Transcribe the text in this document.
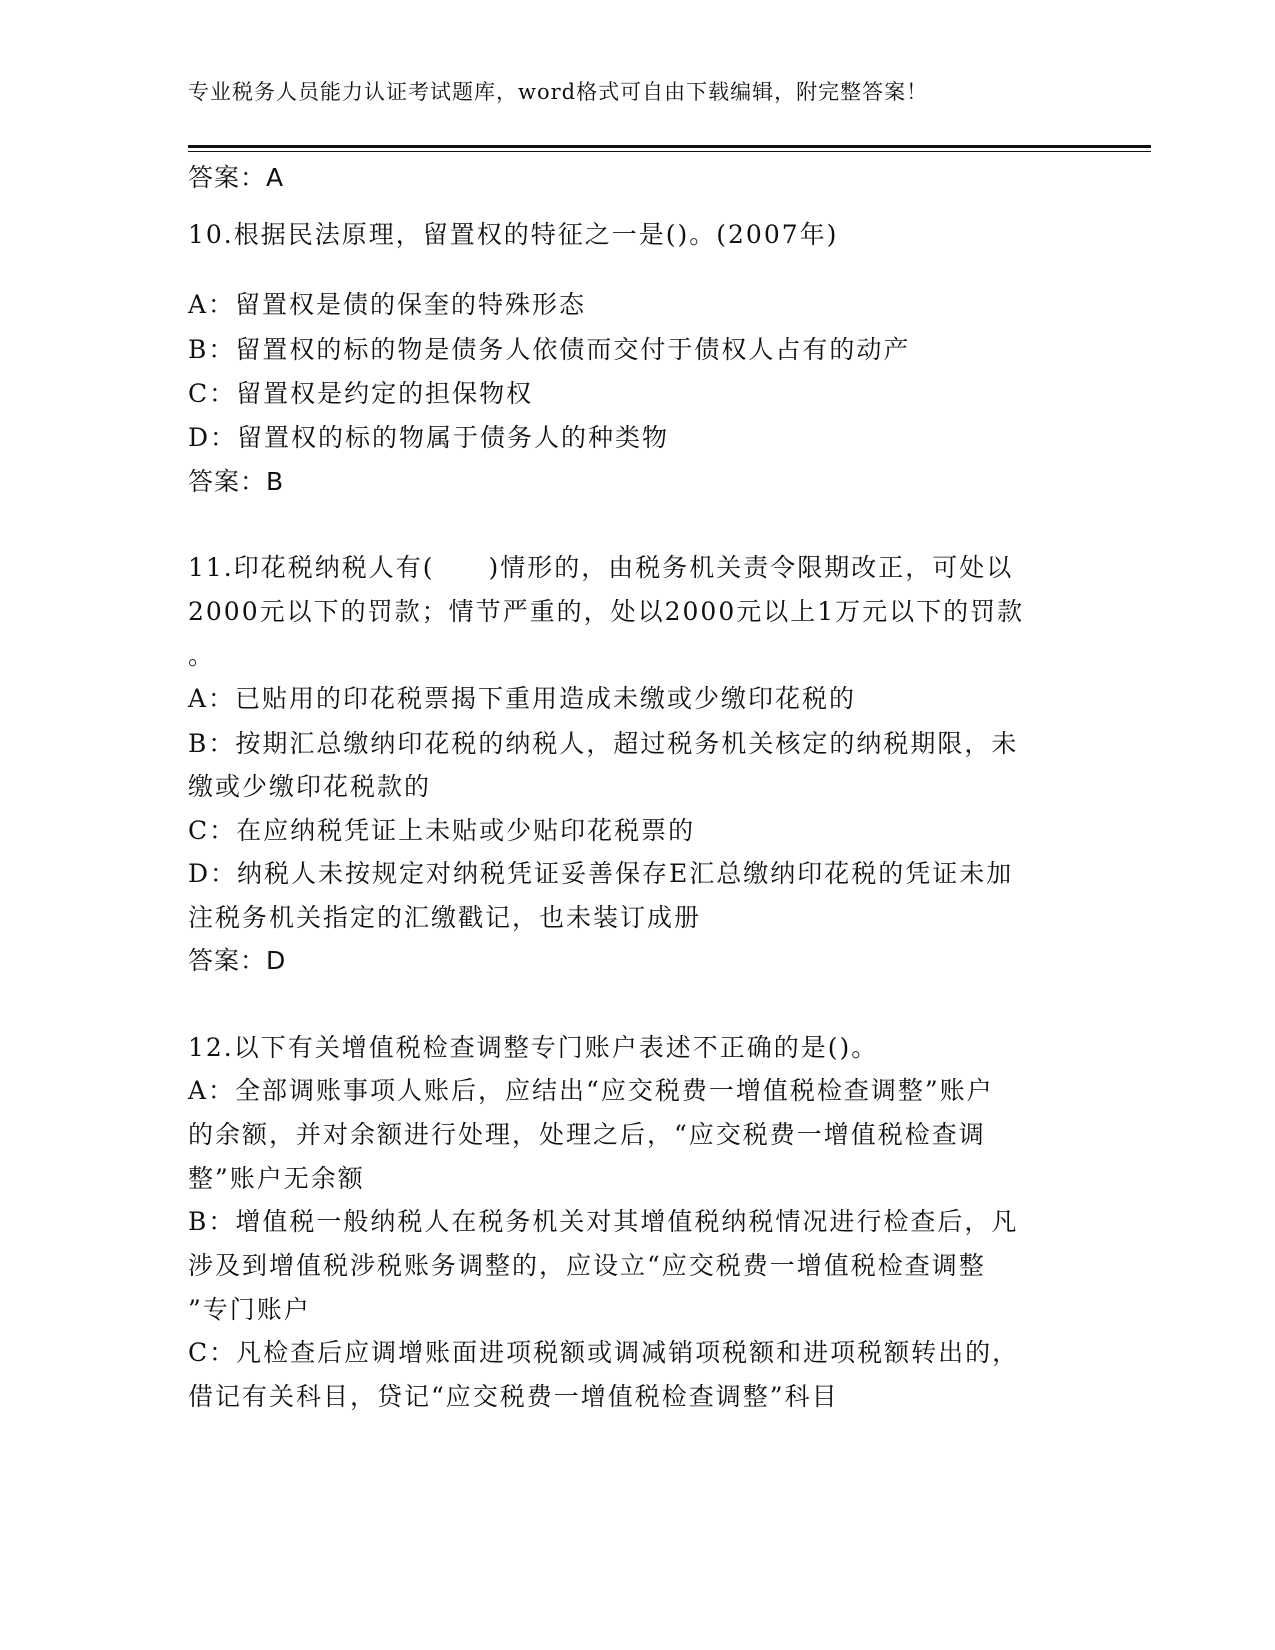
专业税务人员能力认证考试题库，word格式可自由下载编辑，附完整答案！
答案：A
10.根据民法原理，留置权的特征之一是()。(2007年)
A：留置权是债的保奎的特殊形态
B：留置权的标的物是债务人依债而交付于债权人占有的动产
C：留置权是约定的担保物权
D：留置权的标的物属于债务人的种类物
答案：B
11.印花税纳税人有(　　)情形的，由税务机关责令限期改正，可处以
2000元以下的罚款；情节严重的，处以2000元以上1万元以下的罚款
。
A：已贴用的印花税票揭下重用造成未缴或少缴印花税的
B：按期汇总缴纳印花税的纳税人，超过税务机关核定的纳税期限，未
缴或少缴印花税款的
C：在应纳税凭证上未贴或少贴印花税票的
D：纳税人未按规定对纳税凭证妥善保存E汇总缴纳印花税的凭证未加
注税务机关指定的汇缴戳记，也未装订成册
答案：D
12.以下有关增值税检查调整专门账户表述不正确的是()。
A：全部调账事项人账后，应结出“应交税费一增值税检查调整”账户
的余额，并对余额进行处理，处理之后，“应交税费一增值税检查调
整”账户无余额
B：增值税一般纳税人在税务机关对其增值税纳税情况进行检查后，凡
涉及到增值税涉税账务调整的，应设立“应交税费一增值税检查调整
”专门账户
C：凡检查后应调增账面进项税额或调减销项税额和进项税额转出的，
借记有关科目，贷记“应交税费一增值税检查调整”科目
